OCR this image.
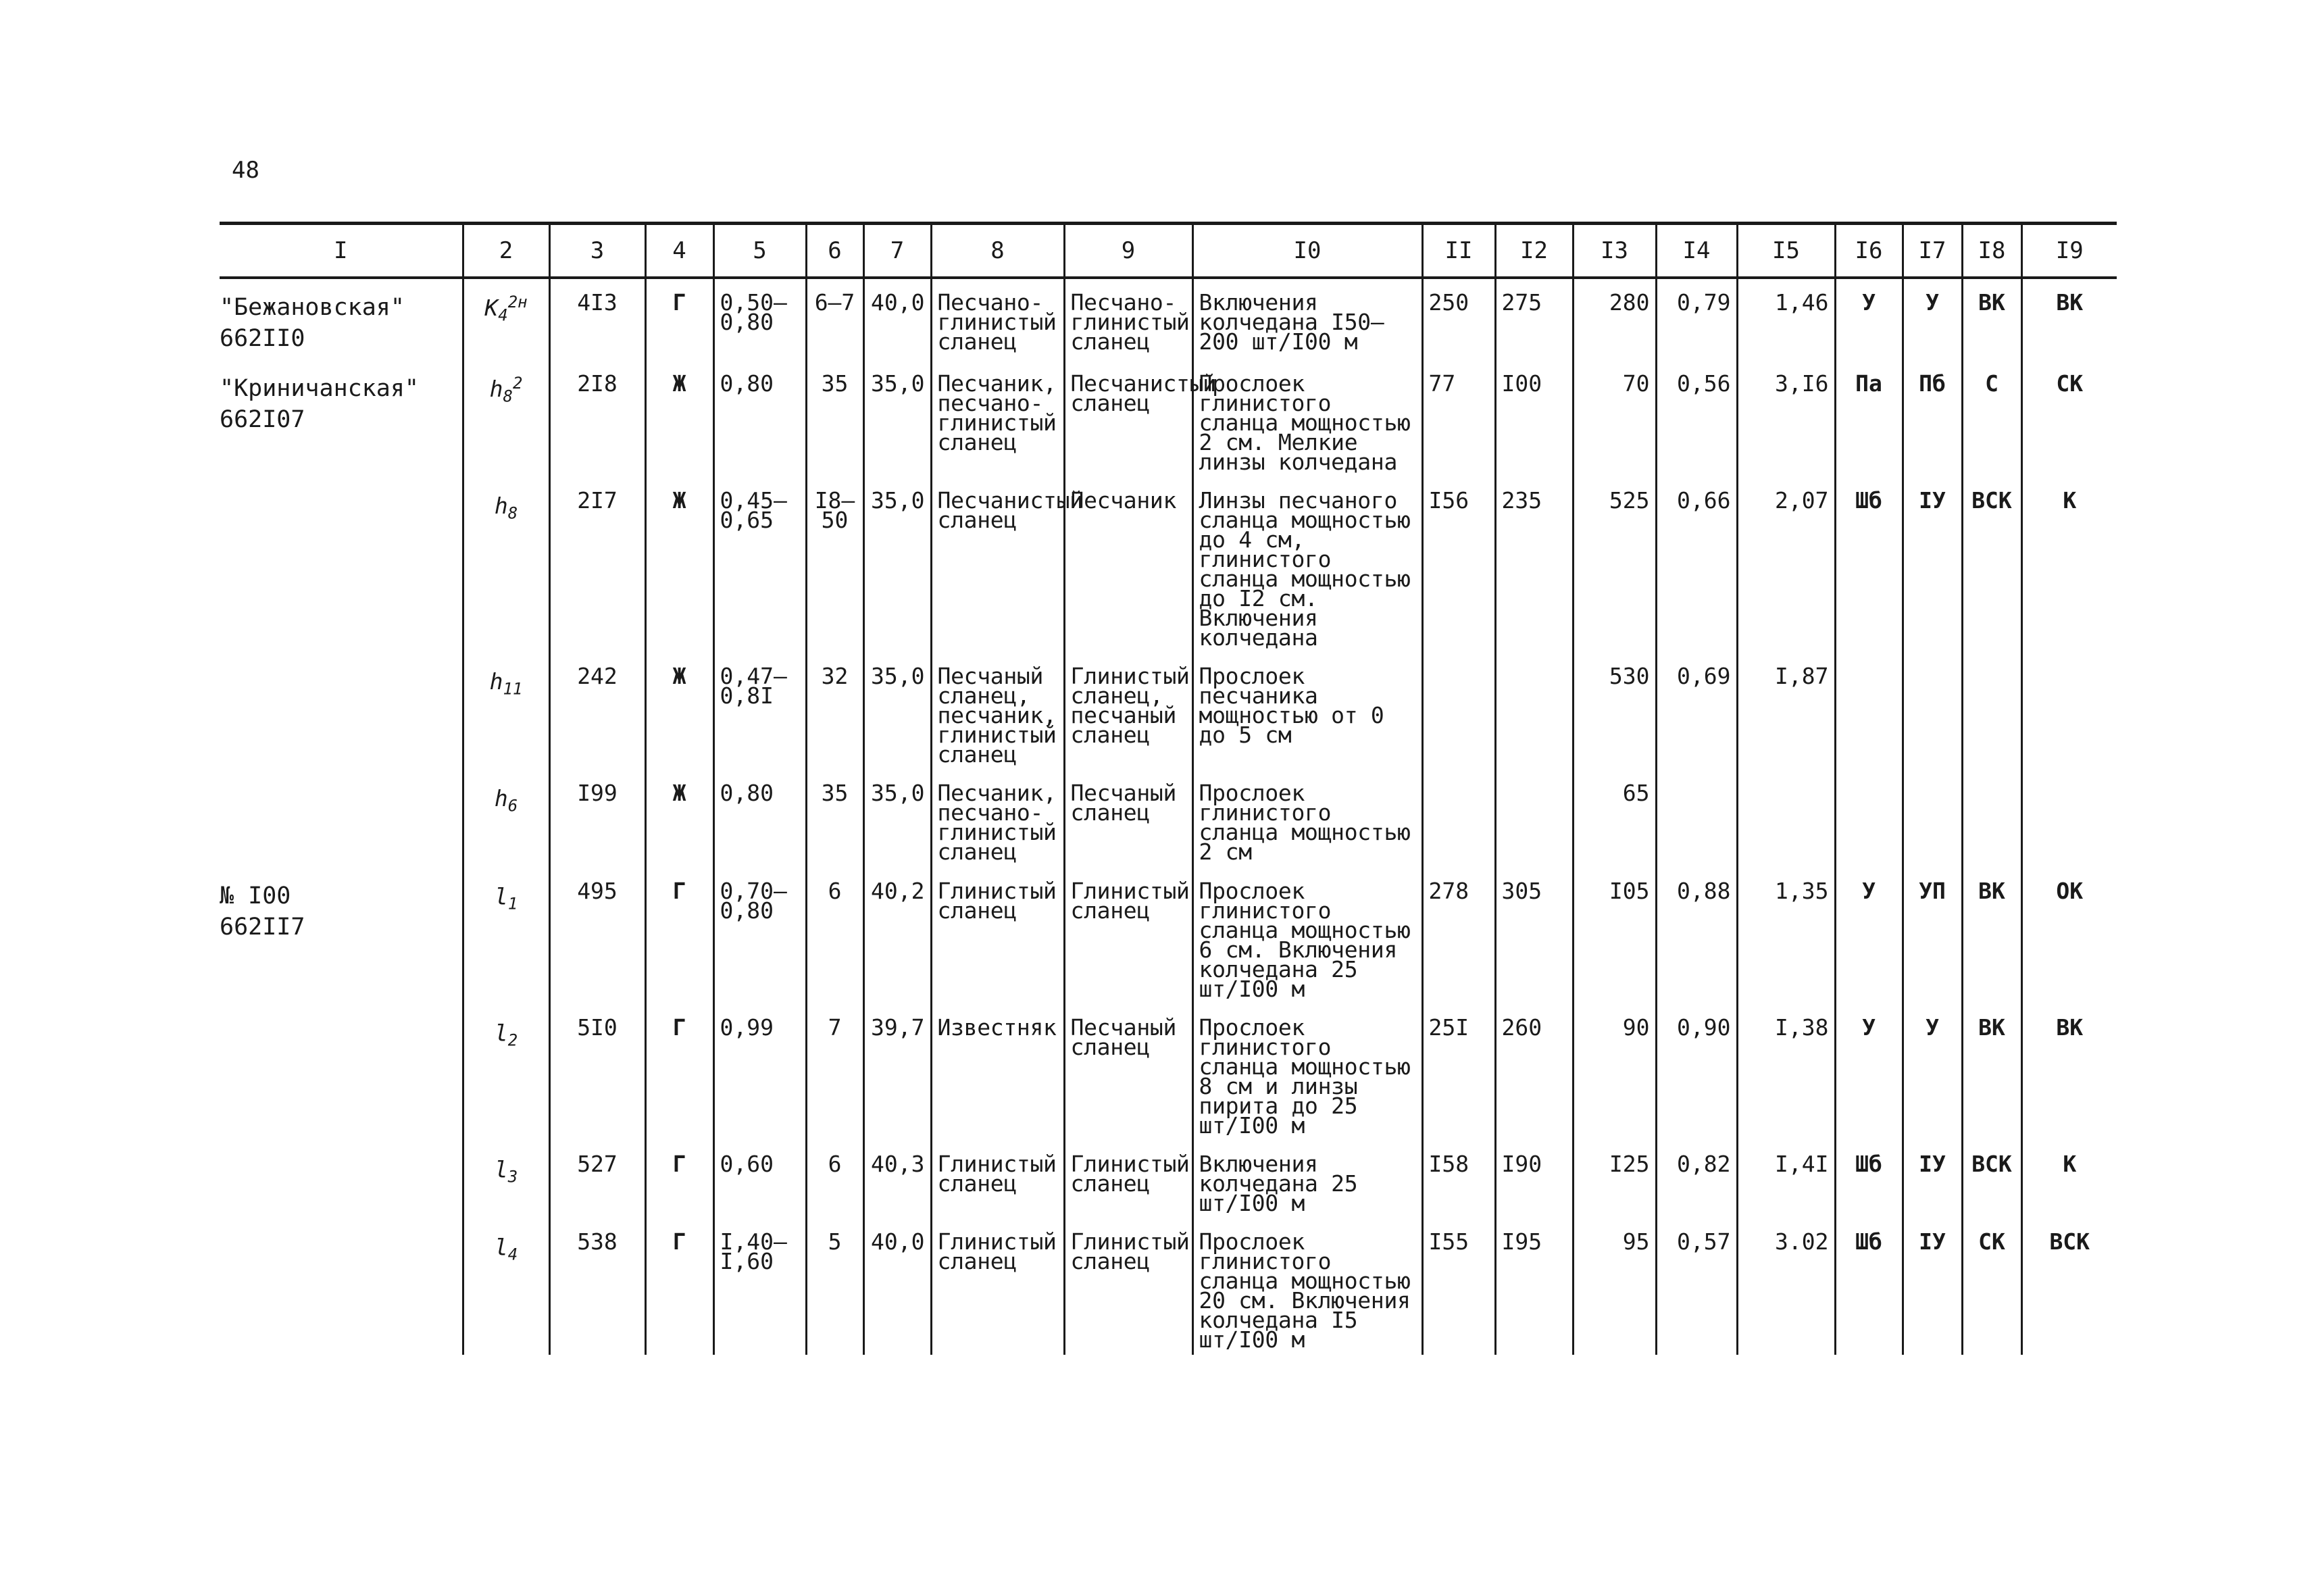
48
I	2	3	4	5	6	7	8	9	I0	II	I2	I3	I4	I5	I6	I7	I8	I9

"Бежановская"
662II0	$K_4^{2н}$	4I3	Г	0,50–0,80	6–7	40,0	Песчано-глинистый сланец	Песчано-глинистый сланец	Включения колчедана I50–200 шт/I00 м	250	275	280	0,79	1,46	У	У	ВК	ВК

"Криничанская"
662I07	$h_8^2$	2I8	Ж	0,80	35	35,0	Песчаник, песчано-глинистый сланец	Песчанистый сланец	Прослоек глинистого сланца мощностью 2 см. Мелкие линзы колчедана	77	I00	70	0,56	3,I6	Па	Пб	С	СК

	$h_8$	2I7	Ж	0,45–0,65	I8–50	35,0	Песчанистый сланец	Песчаник	Линзы песчаного сланца мощностью до 4 см, глинистого сланца мощностью до I2 см. Включения колчедана	I56	235	525	0,66	2,07	Шб	IУ	ВСК	К

	$h_{11}$	242	Ж	0,47–0,8I	32	35,0	Песчаный сланец, песчаник, глинистый сланец	Глинистый сланец, песчаный сланец	Прослоек песчаника мощностью от 0 до 5 см			530	0,69	I,87				

	$h_6$	I99	Ж	0,80	35	35,0	Песчаник, песчано-глинистый сланец	Песчаный сланец	Прослоек глинистого сланца мощностью 2 см			65						

№ I00
662II7	$l_1$	495	Г	0,70–0,80	6	40,2	Глинистый сланец	Глинистый сланец	Прослоек глинистого сланца мощностью 6 см. Включения колчедана 25 шт/I00 м	278	305	I05	0,88	1,35	У	УП	ВК	ОК

	$l_2$	5I0	Г	0,99	7	39,7	Известняк	Песчаный сланец	Прослоек глинистого сланца мощностью 8 см и линзы пирита до 25 шт/I00 м	25I	260	90	0,90	I,38	У	У	ВК	ВК

	$l_3$	527	Г	0,60	6	40,3	Глинистый сланец	Глинистый сланец	Включения колчедана 25 шт/I00 м	I58	I90	I25	0,82	I,4I	Шб	IУ	ВСК	К

	$l_4$	538	Г	I,40–I,60	5	40,0	Глинистый сланец	Глинистый сланец	Прослоек глинистого сланца мощностью 20 см. Включения колчедана I5 шт/I00 м	I55	I95	95	0,57	3.02	Шб	IУ	СК	ВСК
